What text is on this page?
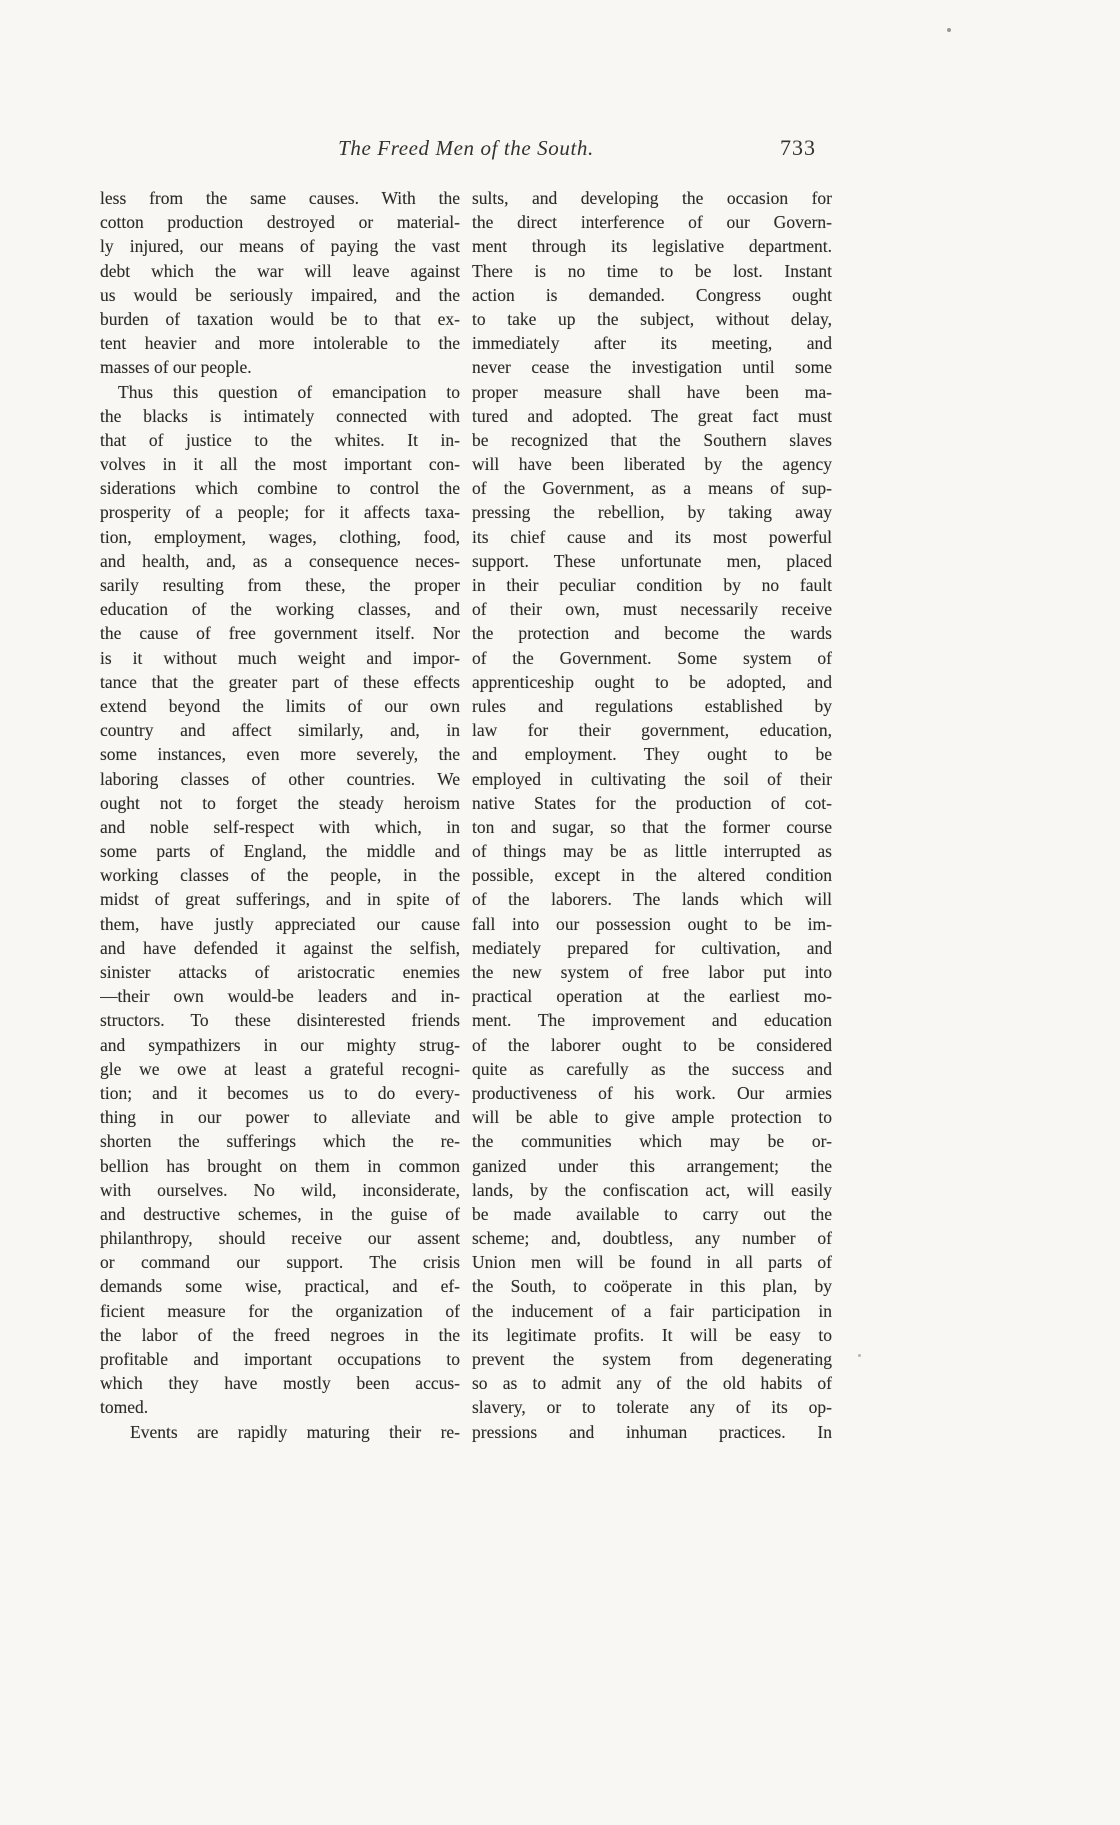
The Freed Men of the South.	733
less from the same causes. With the
cotton production destroyed or material-
ly injured, our means of paying the vast
debt which the war will leave against
us would be seriously impaired, and the
burden of taxation would be to that ex-
tent heavier and more intolerable to the
masses of our people.
Thus this question of emancipation to
the blacks is intimately connected with
that of justice to the whites. It in-
volves in it all the most important con-
siderations which combine to control the
prosperity of a people; for it affects taxa-
tion, employment, wages, clothing, food,
and health, and, as a consequence neces-
sarily resulting from these, the proper
education of the working classes, and
the cause of free government itself. Nor
is it without much weight and impor-
tance that the greater part of these effects
extend beyond the limits of our own
country and affect similarly, and, in
some instances, even more severely, the
laboring classes of other countries. We
ought not to forget the steady heroism
and noble self-respect with which, in
some parts of England, the middle and
working classes of the people, in the
midst of great sufferings, and in spite of
them, have justly appreciated our cause
and have defended it against the selfish,
sinister attacks of aristocratic enemies
—their own would-be leaders and in-
structors. To these disinterested friends
and sympathizers in our mighty strug-
gle we owe at least a grateful recogni-
tion; and it becomes us to do every-
thing in our power to alleviate and
shorten the sufferings which the re-
bellion has brought on them in common
with ourselves. No wild, inconsiderate,
and destructive schemes, in the guise of
philanthropy, should receive our assent
or command our support. The crisis
demands some wise, practical, and ef-
ficient measure for the organization of
the labor of the freed negroes in the
profitable and important occupations to
which they have mostly been accus-
tomed.
Events are rapidly maturing their re-
sults, and developing the occasion for
the direct interference of our Govern-
ment through its legislative department.
There is no time to be lost. Instant
action is demanded. Congress ought
to take up the subject, without delay,
immediately after its meeting, and
never cease the investigation until some
proper measure shall have been ma-
tured and adopted. The great fact must
be recognized that the Southern slaves
will have been liberated by the agency
of the Government, as a means of sup-
pressing the rebellion, by taking away
its chief cause and its most powerful
support. These unfortunate men, placed
in their peculiar condition by no fault
of their own, must necessarily receive
the protection and become the wards
of the Government. Some system of
apprenticeship ought to be adopted, and
rules and regulations established by
law for their government, education,
and employment. They ought to be
employed in cultivating the soil of their
native States for the production of cot-
ton and sugar, so that the former course
of things may be as little interrupted as
possible, except in the altered condition
of the laborers. The lands which will
fall into our possession ought to be im-
mediately prepared for cultivation, and
the new system of free labor put into
practical operation at the earliest mo-
ment. The improvement and education
of the laborer ought to be considered
quite as carefully as the success and
productiveness of his work. Our armies
will be able to give ample protection to
the communities which may be or-
ganized under this arrangement; the
lands, by the confiscation act, will easily
be made available to carry out the
scheme; and, doubtless, any number of
Union men will be found in all parts of
the South, to coöperate in this plan, by
the inducement of a fair participation in
its legitimate profits. It will be easy to
prevent the system from degenerating
so as to admit any of the old habits of
slavery, or to tolerate any of its op-
pressions and inhuman practices. In
